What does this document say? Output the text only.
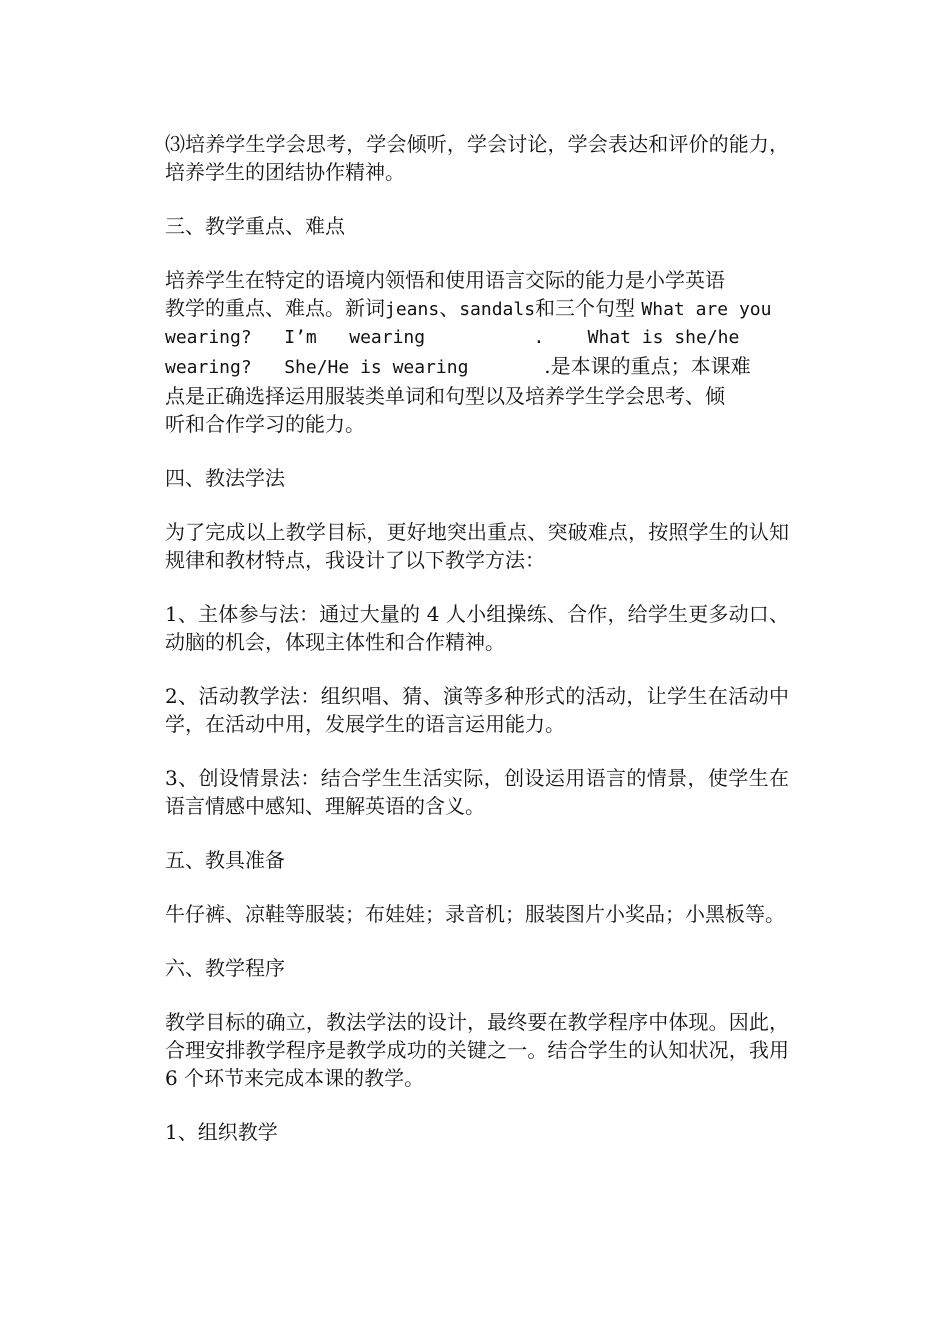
⑶培养学生学会思考，学会倾听，学会讨论，学会表达和评价的能力，培养学生的团结协作精神。

三、教学重点、难点

培养学生在特定的语境内领悟和使用语言交际的能力是小学英语
教学的重点、难点。新词jeans、sandals和三个句型 What are you
wearing?   I’m   wearing          .    What is she/he
wearing?   She/He is wearing       .是本课的重点；本课难
点是正确选择运用服装类单词和句型以及培养学生学会思考、倾
听和合作学习的能力。

四、教法学法

为了完成以上教学目标，更好地突出重点、突破难点，按照学生的认知规律和教材特点，我设计了以下教学方法：

1、主体参与法：通过大量的 4 人小组操练、合作，给学生更多动口、动脑的机会，体现主体性和合作精神。

2、活动教学法：组织唱、猜、演等多种形式的活动，让学生在活动中学，在活动中用，发展学生的语言运用能力。

3、创设情景法：结合学生生活实际，创设运用语言的情景，使学生在语言情感中感知、理解英语的含义。

五、教具准备

牛仔裤、凉鞋等服装；布娃娃；录音机；服装图片小奖品；小黑板等。

六、教学程序

教学目标的确立，教法学法的设计，最终要在教学程序中体现。因此，合理安排教学程序是教学成功的关键之一。结合学生的认知状况，我用 6 个环节来完成本课的教学。

1、组织教学
